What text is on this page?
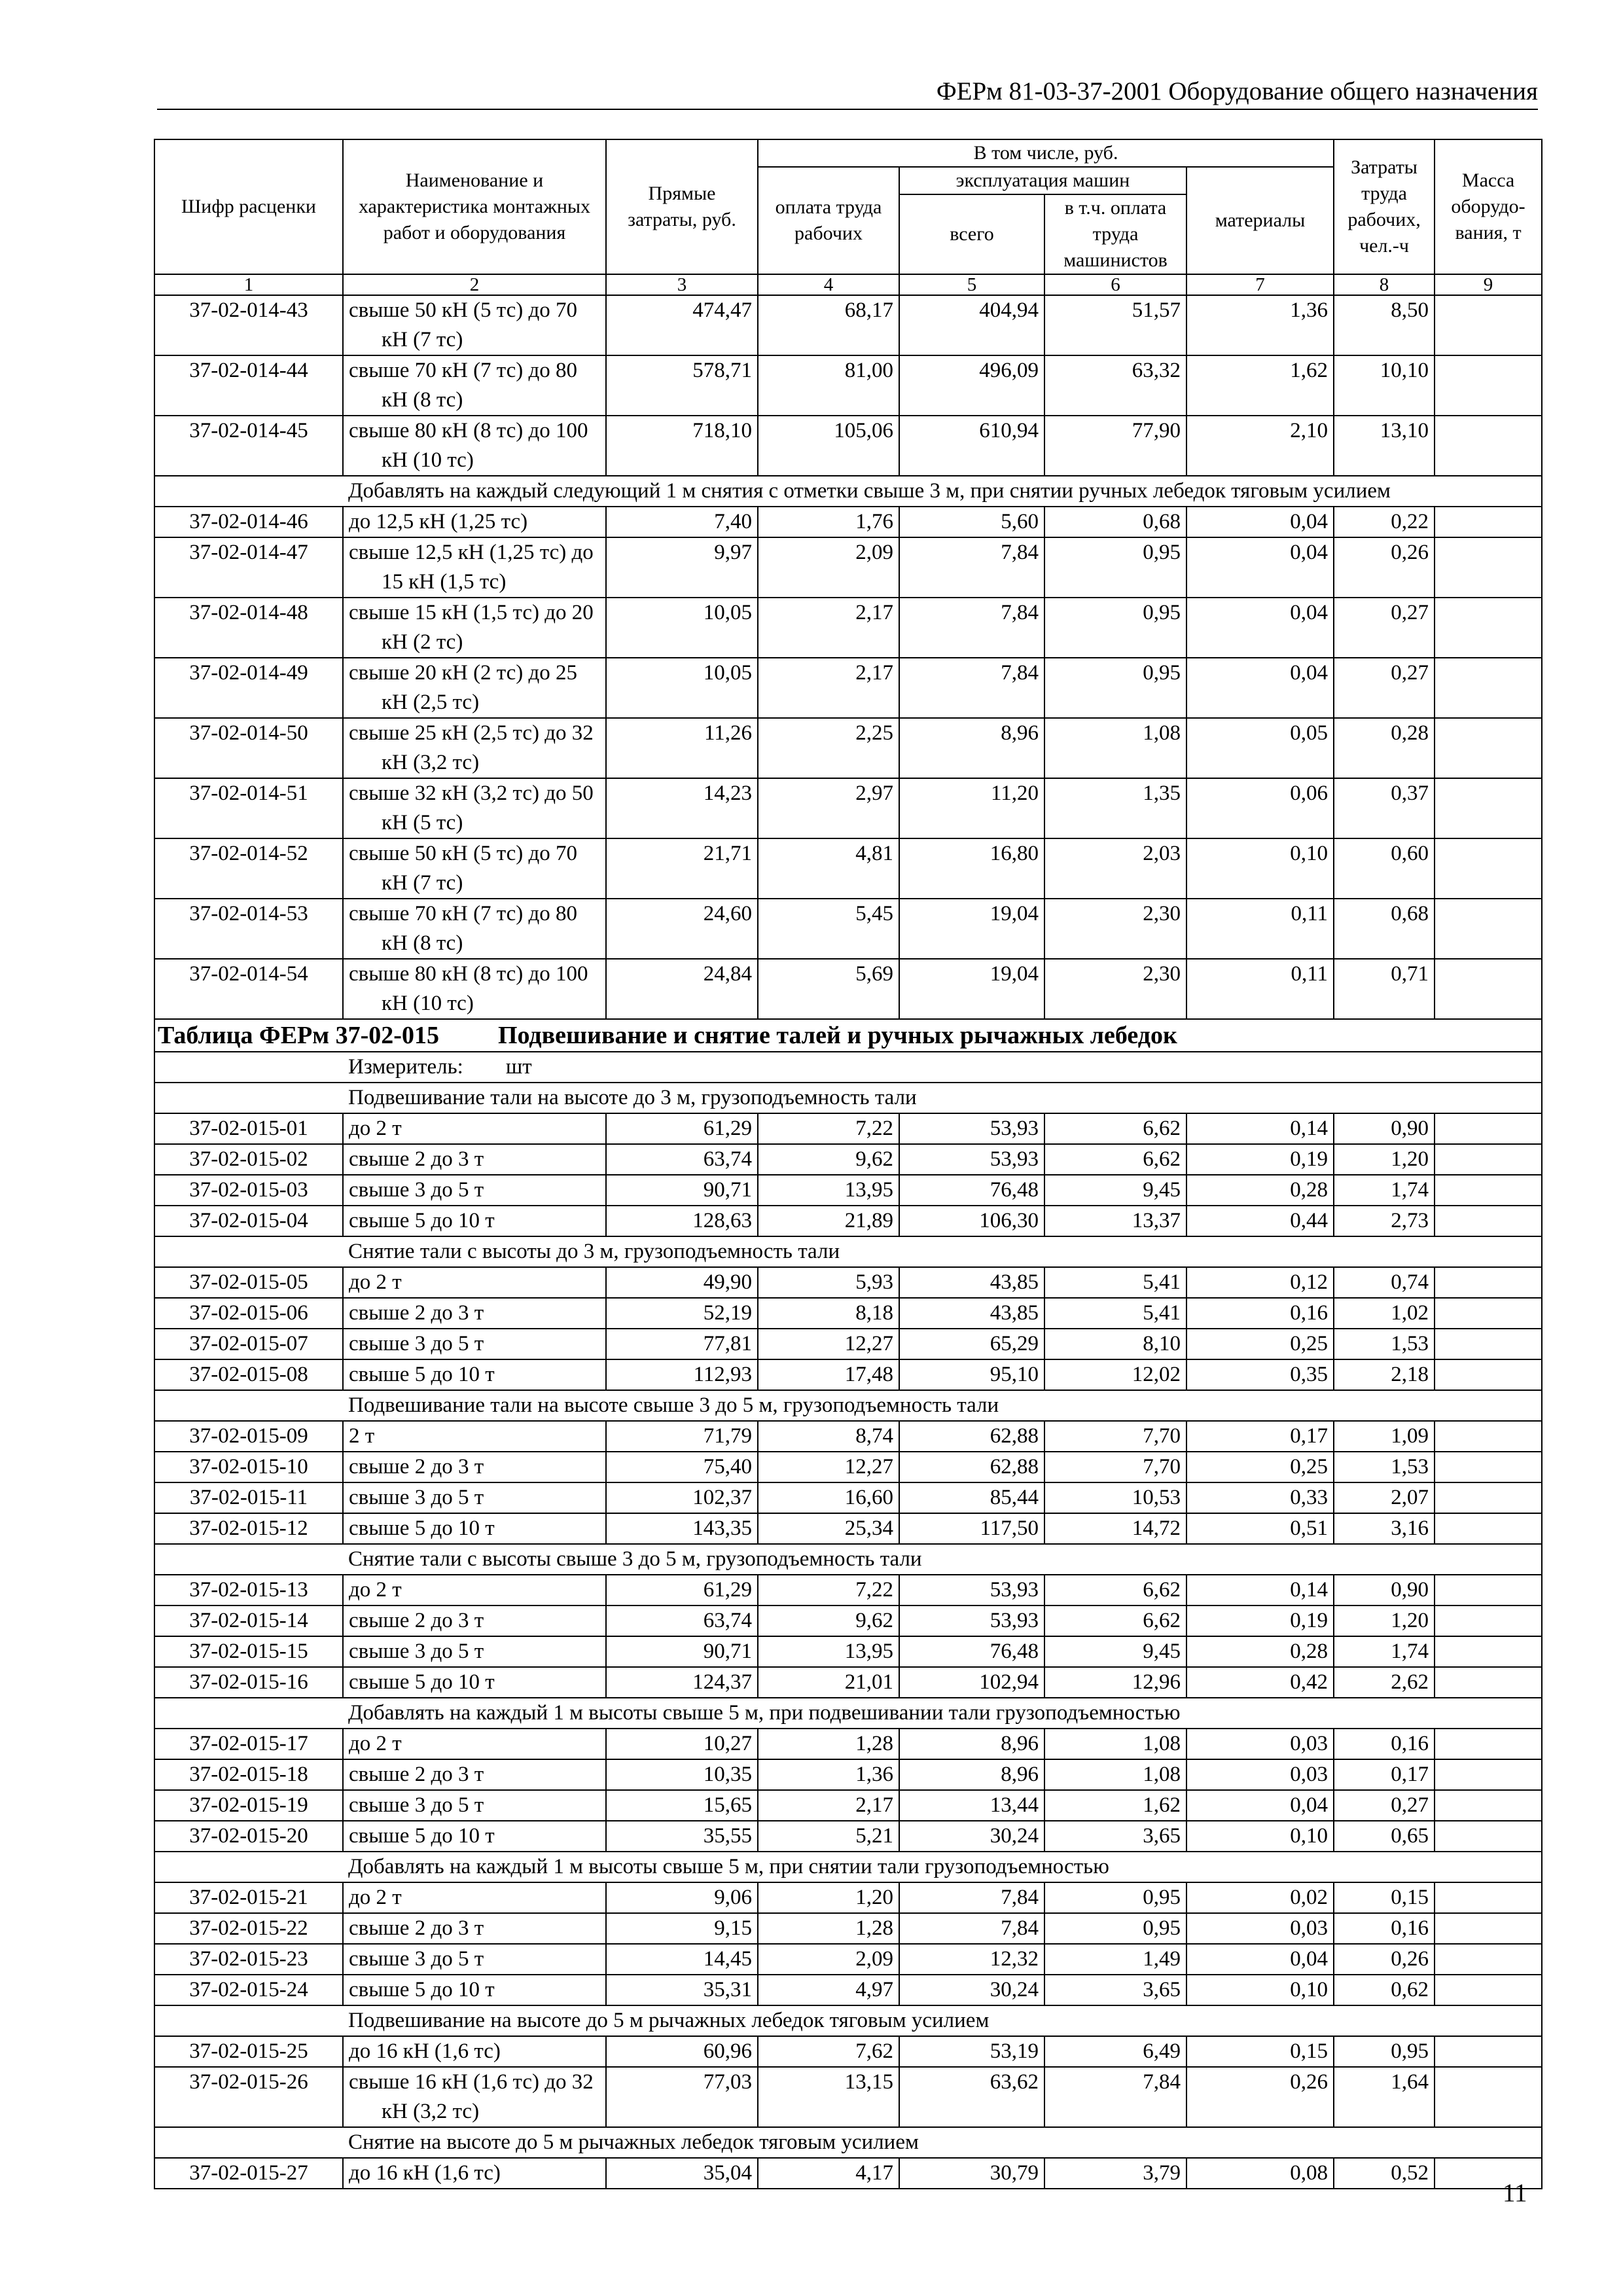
ФЕРм 81-03-37-2001 Оборудование общего назначения
Шифр расценки	Наименование и характеристика монтажных работ и оборудования	Прямые затраты, руб.	В том числе, руб.				Затраты труда рабочих, чел.-ч	Масса оборудо-вания, т
			оплата труда рабочих	эксплуатация машин		материалы		
				всего	в т.ч. оплата труда машинистов			
1	2	3	4	5	6	7	8	9
37-02-014-43	свыше 50 кН (5 тс) до 70 кН (7 тс)	474,47	68,17	404,94	51,57	1,36	8,50	
37-02-014-44	свыше 70 кН (7 тс) до 80 кН (8 тс)	578,71	81,00	496,09	63,32	1,62	10,10	
37-02-014-45	свыше 80 кН (8 тс) до 100 кН (10 тс)	718,10	105,06	610,94	77,90	2,10	13,10	
	Добавлять на каждый следующий 1 м снятия с отметки свыше 3 м, при снятии ручных лебедок тяговым усилием							
37-02-014-46	до 12,5 кН (1,25 тс)	7,40	1,76	5,60	0,68	0,04	0,22	
37-02-014-47	свыше 12,5 кН (1,25 тс) до 15 кН (1,5 тс)	9,97	2,09	7,84	0,95	0,04	0,26	
37-02-014-48	свыше 15 кН (1,5 тс) до 20 кН (2 тс)	10,05	2,17	7,84	0,95	0,04	0,27	
37-02-014-49	свыше 20 кН (2 тс) до 25 кН (2,5 тс)	10,05	2,17	7,84	0,95	0,04	0,27	
37-02-014-50	свыше 25 кН (2,5 тс) до 32 кН (3,2 тс)	11,26	2,25	8,96	1,08	0,05	0,28	
37-02-014-51	свыше 32 кН (3,2 тс) до 50 кН (5 тс)	14,23	2,97	11,20	1,35	0,06	0,37	
37-02-014-52	свыше 50 кН (5 тс) до 70 кН (7 тс)	21,71	4,81	16,80	2,03	0,10	0,60	
37-02-014-53	свыше 70 кН (7 тс) до 80 кН (8 тс)	24,60	5,45	19,04	2,30	0,11	0,68	
37-02-014-54	свыше 80 кН (8 тс) до 100 кН (10 тс)	24,84	5,69	19,04	2,30	0,11	0,71	
Таблица ФЕРм 37-02-015 Подвешивание и снятие талей и ручных рычажных лебедок								
Измеритель: шт								
	Подвешивание тали на высоте до 3 м, грузоподъемность тали							
37-02-015-01	до 2 т	61,29	7,22	53,93	6,62	0,14	0,90	
37-02-015-02	свыше 2 до 3 т	63,74	9,62	53,93	6,62	0,19	1,20	
37-02-015-03	свыше 3 до 5 т	90,71	13,95	76,48	9,45	0,28	1,74	
37-02-015-04	свыше 5 до 10 т	128,63	21,89	106,30	13,37	0,44	2,73	
	Снятие тали с высоты до 3 м, грузоподъемность тали							
37-02-015-05	до 2 т	49,90	5,93	43,85	5,41	0,12	0,74	
37-02-015-06	свыше 2 до 3 т	52,19	8,18	43,85	5,41	0,16	1,02	
37-02-015-07	свыше 3 до 5 т	77,81	12,27	65,29	8,10	0,25	1,53	
37-02-015-08	свыше 5 до 10 т	112,93	17,48	95,10	12,02	0,35	2,18	
	Подвешивание тали на высоте свыше 3 до 5 м, грузоподъемность тали							
37-02-015-09	2 т	71,79	8,74	62,88	7,70	0,17	1,09	
37-02-015-10	свыше 2 до 3 т	75,40	12,27	62,88	7,70	0,25	1,53	
37-02-015-11	свыше 3 до 5 т	102,37	16,60	85,44	10,53	0,33	2,07	
37-02-015-12	свыше 5 до 10 т	143,35	25,34	117,50	14,72	0,51	3,16	
	Снятие тали с высоты свыше 3 до 5 м, грузоподъемность тали							
37-02-015-13	до 2 т	61,29	7,22	53,93	6,62	0,14	0,90	
37-02-015-14	свыше 2 до 3 т	63,74	9,62	53,93	6,62	0,19	1,20	
37-02-015-15	свыше 3 до 5 т	90,71	13,95	76,48	9,45	0,28	1,74	
37-02-015-16	свыше 5 до 10 т	124,37	21,01	102,94	12,96	0,42	2,62	
	Добавлять на каждый 1 м высоты свыше 5 м, при подвешивании тали грузоподъемностью							
37-02-015-17	до 2 т	10,27	1,28	8,96	1,08	0,03	0,16	
37-02-015-18	свыше 2 до 3 т	10,35	1,36	8,96	1,08	0,03	0,17	
37-02-015-19	свыше 3 до 5 т	15,65	2,17	13,44	1,62	0,04	0,27	
37-02-015-20	свыше 5 до 10 т	35,55	5,21	30,24	3,65	0,10	0,65	
	Добавлять на каждый 1 м высоты свыше 5 м, при снятии тали грузоподъемностью							
37-02-015-21	до 2 т	9,06	1,20	7,84	0,95	0,02	0,15	
37-02-015-22	свыше 2 до 3 т	9,15	1,28	7,84	0,95	0,03	0,16	
37-02-015-23	свыше 3 до 5 т	14,45	2,09	12,32	1,49	0,04	0,26	
37-02-015-24	свыше 5 до 10 т	35,31	4,97	30,24	3,65	0,10	0,62	
	Подвешивание на высоте до 5 м рычажных лебедок тяговым усилием							
37-02-015-25	до 16 кН (1,6 тс)	60,96	7,62	53,19	6,49	0,15	0,95	
37-02-015-26	свыше 16 кН (1,6 тс) до 32 кН (3,2 тс)	77,03	13,15	63,62	7,84	0,26	1,64	
	Снятие на высоте до 5 м рычажных лебедок тяговым усилием							
37-02-015-27	до 16 кН (1,6 тс)	35,04	4,17	30,79	3,79	0,08	0,52	
11
